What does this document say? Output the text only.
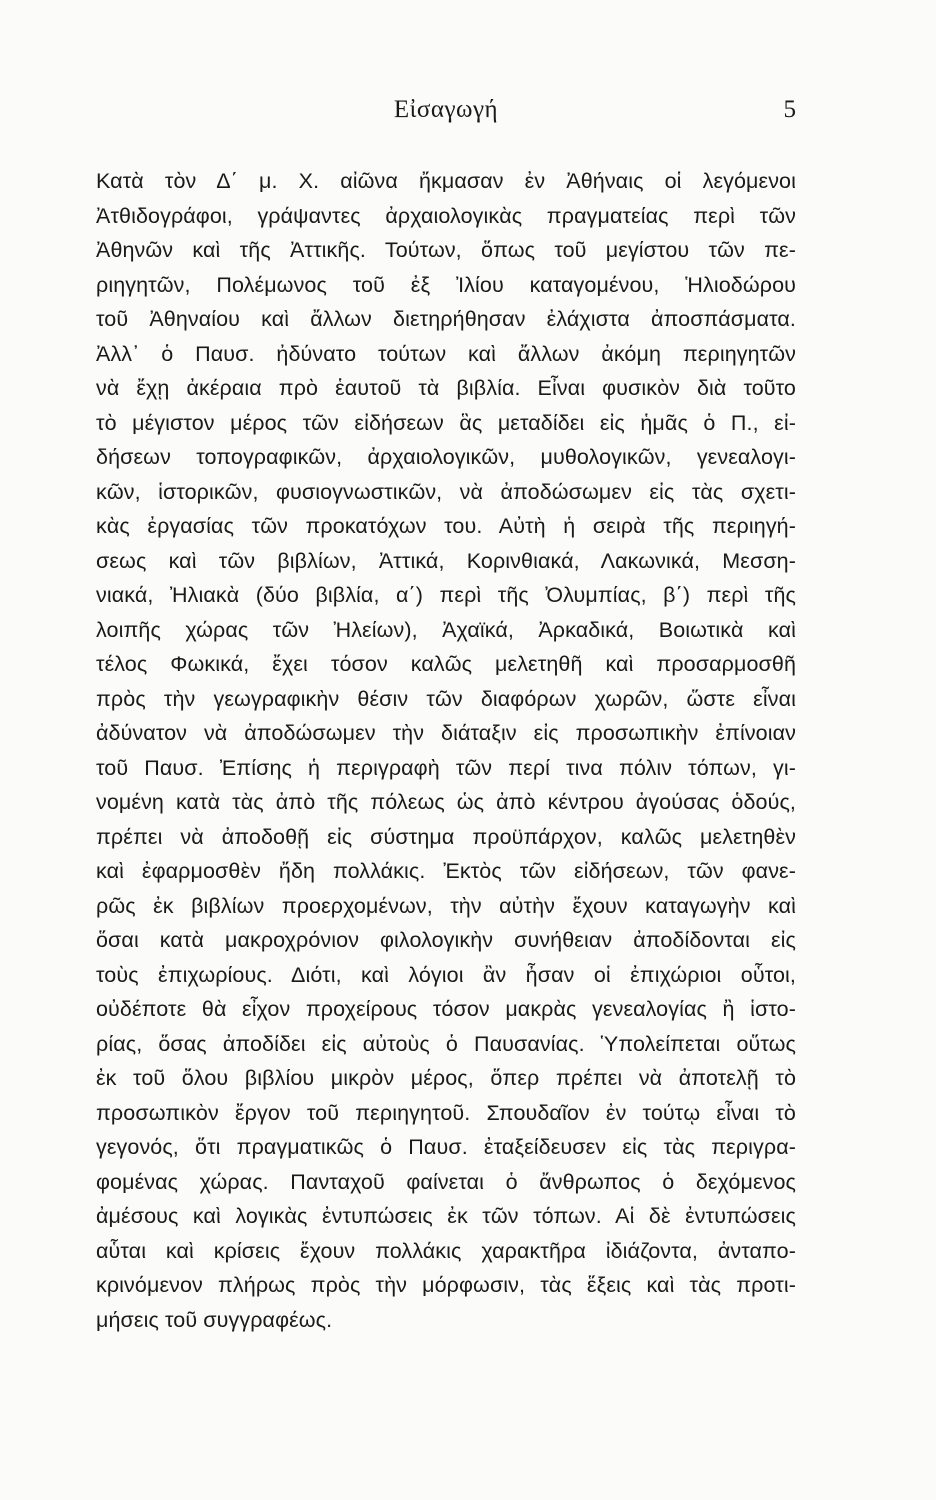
Εἰσαγωγή	5
Κατὰ τὸν Δ΄ μ. Χ. αἰῶνα ἤκμασαν ἐν Ἀθήναις οἱ λεγόμενοι
Ἀτθιδογράφοι, γράψαντες ἀρχαιολογικὰς πραγματείας περὶ τῶν
Ἀθηνῶν καὶ τῆς Ἀττικῆς. Τούτων, ὅπως τοῦ μεγίστου τῶν πε-
ριηγητῶν, Πολέμωνος τοῦ ἐξ Ἰλίου καταγομένου, Ἡλιοδώρου
τοῦ Ἀθηναίου καὶ ἄλλων διετηρήθησαν ἐλάχιστα ἀποσπάσματα.
Ἀλλ᾽ ὁ Παυσ. ἠδύνατο τούτων καὶ ἄλλων ἀκόμη περιηγητῶν
νὰ ἔχῃ ἀκέραια πρὸ ἑαυτοῦ τὰ βιβλία. Εἶναι φυσικὸν διὰ τοῦτο
τὸ μέγιστον μέρος τῶν εἰδήσεων ἃς μεταδίδει εἰς ἡμᾶς ὁ Π., εἰ-
δήσεων τοπογραφικῶν, ἀρχαιολογικῶν, μυθολογικῶν, γενεαλογι-
κῶν, ἱστορικῶν, φυσιογνωστικῶν, νὰ ἀποδώσωμεν εἰς τὰς σχετι-
κὰς ἐργασίας τῶν προκατόχων του. Αὐτὴ ἡ σειρὰ τῆς περιηγή-
σεως καὶ τῶν βιβλίων, Ἀττικά, Κορινθιακά, Λακωνικά, Μεσση-
νιακά, Ἠλιακὰ (δύο βιβλία, α΄) περὶ τῆς Ὀλυμπίας, β΄) περὶ τῆς
λοιπῆς χώρας τῶν Ἠλείων), Ἀχαϊκά, Ἀρκαδικά, Βοιωτικὰ καὶ
τέλος Φωκικά, ἔχει τόσον καλῶς μελετηθῆ καὶ προσαρμοσθῆ
πρὸς τὴν γεωγραφικὴν θέσιν τῶν διαφόρων χωρῶν, ὥστε εἶναι
ἀδύνατον νὰ ἀποδώσωμεν τὴν διάταξιν εἰς προσωπικὴν ἐπίνοιαν
τοῦ Παυσ. Ἐπίσης ἡ περιγραφὴ τῶν περί τινα πόλιν τόπων, γι-
νομένη κατὰ τὰς ἀπὸ τῆς πόλεως ὡς ἀπὸ κέντρου ἀγούσας ὁδούς,
πρέπει νὰ ἀποδοθῇ εἰς σύστημα προϋπάρχον, καλῶς μελετηθὲν
καὶ ἐφαρμοσθὲν ἤδη πολλάκις. Ἐκτὸς τῶν εἰδήσεων, τῶν φανε-
ρῶς ἐκ βιβλίων προερχομένων, τὴν αὐτὴν ἔχουν καταγωγὴν καὶ
ὅσαι κατὰ μακροχρόνιον φιλολογικὴν συνήθειαν ἀποδίδονται εἰς
τοὺς ἐπιχωρίους. Διότι, καὶ λόγιοι ἂν ἦσαν οἱ ἐπιχώριοι οὗτοι,
οὐδέποτε θὰ εἶχον προχείρους τόσον μακρὰς γενεαλογίας ἢ ἱστο-
ρίας, ὅσας ἀποδίδει εἰς αὐτοὺς ὁ Παυσανίας. Ὑπολείπεται οὕτως
ἐκ τοῦ ὅλου βιβλίου μικρὸν μέρος, ὅπερ πρέπει νὰ ἀποτελῇ τὸ
προσωπικὸν ἔργον τοῦ περιηγητοῦ. Σπουδαῖον ἐν τούτῳ εἶναι τὸ
γεγονός, ὅτι πραγματικῶς ὁ Παυσ. ἐταξείδευσεν εἰς τὰς περιγρα-
φομένας χώρας. Πανταχοῦ φαίνεται ὁ ἄνθρωπος ὁ δεχόμενος
ἀμέσους καὶ λογικὰς ἐντυπώσεις ἐκ τῶν τόπων. Αἱ δὲ ἐντυπώσεις
αὗται καὶ κρίσεις ἔχουν πολλάκις χαρακτῆρα ἰδιάζοντα, ἀνταπο-
κρινόμενον πλήρως πρὸς τὴν μόρφωσιν, τὰς ἕξεις καὶ τὰς προτι-
μήσεις τοῦ συγγραφέως.
